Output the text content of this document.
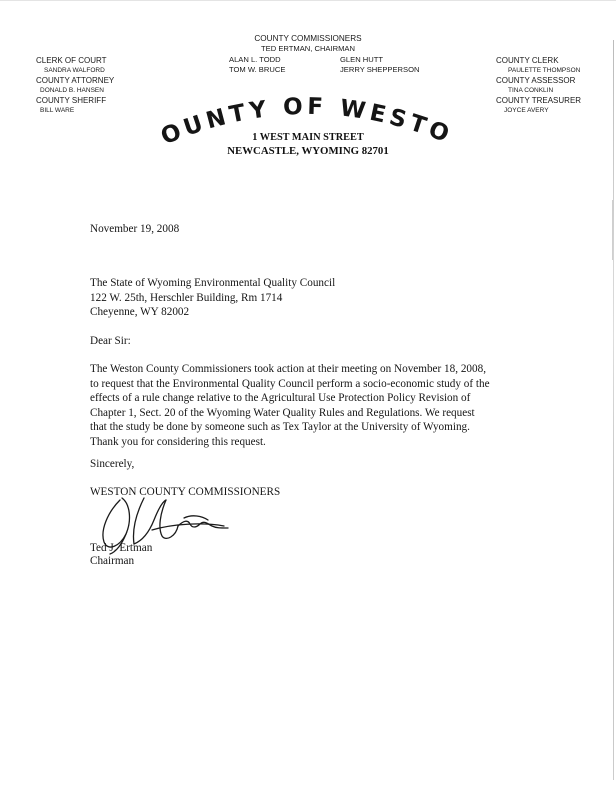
COUNTY COMMISSIONERS
TED ERTMAN, CHAIRMAN
ALAN L. TODD
TOM W. BRUCE
GLEN HUTT
JERRY SHEPPERSON
CLERK OF COURT
SANDRA WALFORD
COUNTY ATTORNEY
DONALD B. HANSEN
COUNTY SHERIFF
BILL WARE
COUNTY CLERK
PAULETTE THOMPSON
COUNTY ASSESSOR
TINA CONKLIN
COUNTY TREASURER
JOYCE AVERY
COUNTY OF WESTON
1 WEST MAIN STREET
NEWCASTLE, WYOMING 82701
November 19, 2008
The State of Wyoming Environmental Quality Council
122 W. 25th, Herschler Building, Rm 1714
Cheyenne, WY 82002
Dear Sir:
The Weston County Commissioners took action at their meeting on November 18, 2008,
to request that the Environmental Quality Council perform a socio-economic study of the
effects of a rule change relative to the Agricultural Use Protection Policy Revision of
Chapter 1, Sect. 20 of the Wyoming Water Quality Rules and Regulations. We request
that the study be done by someone such as Tex Taylor at the University of Wyoming.
Thank you for considering this request.
Sincerely,
WESTON COUNTY COMMISSIONERS
Ted J. Ertman
Chairman
